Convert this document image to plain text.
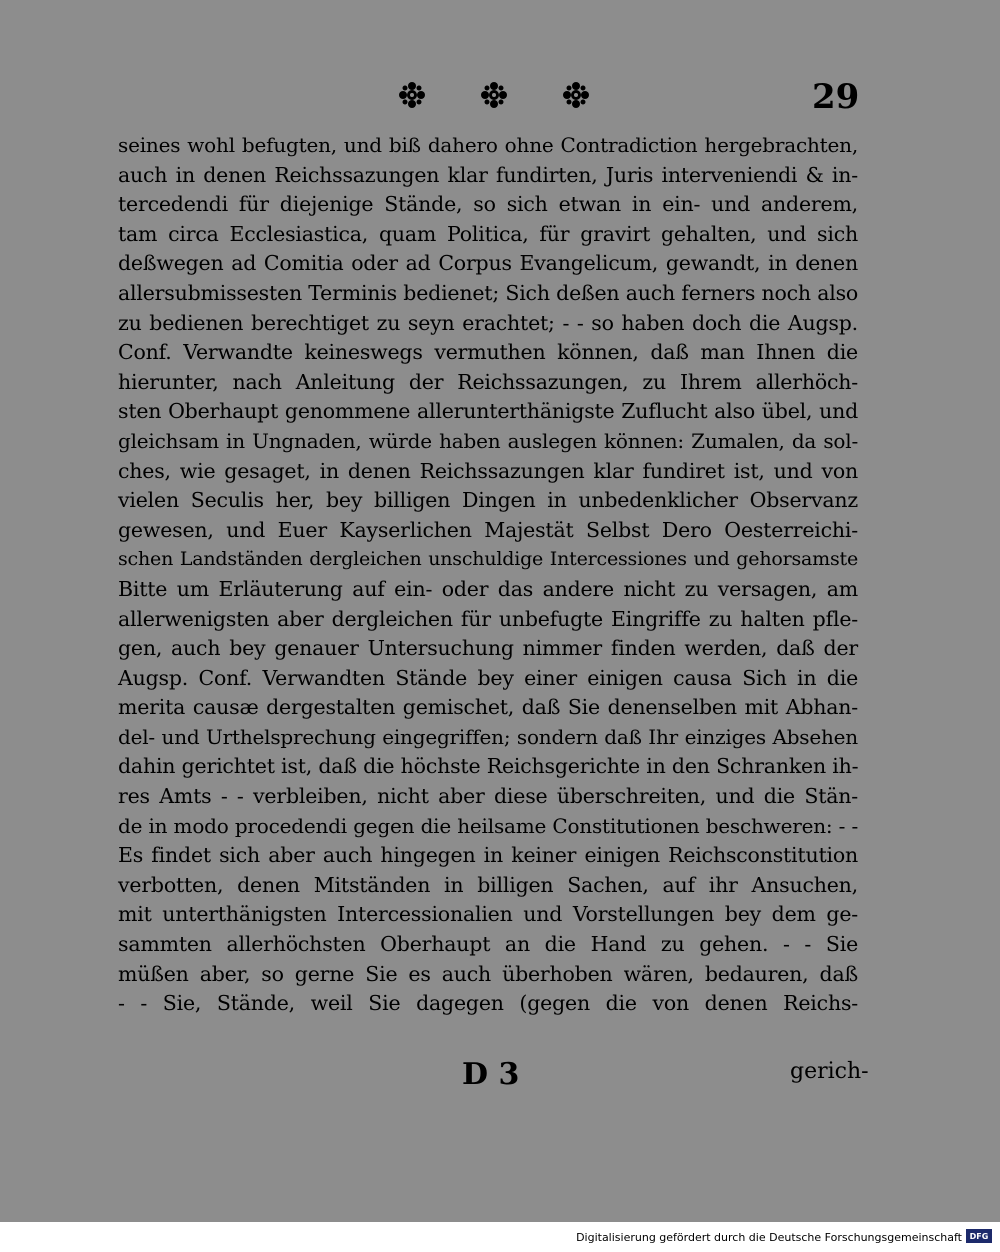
29
seines wohl befugten, und biß dahero ohne Contradiction hergebrachten,
auch in denen Reichssazungen klar fundirten, Juris interveniendi & in-
tercedendi für diejenige Stände, so sich etwan in ein- und anderem,
tam circa Ecclesiastica, quam Politica, für gravirt gehalten, und sich
deßwegen ad Comitia oder ad Corpus Evangelicum, gewandt, in denen
allersubmissesten Terminis bedienet; Sich deßen auch ferners noch also
zu bedienen berechtiget zu seyn erachtet; - - so haben doch die Augsp.
Conf. Verwandte keineswegs vermuthen können, daß man Ihnen die
hierunter, nach Anleitung der Reichssazungen, zu Ihrem allerhöch-
sten Oberhaupt genommene allerunterthänigste Zuflucht also übel, und
gleichsam in Ungnaden, würde haben auslegen können: Zumalen, da sol-
ches, wie gesaget, in denen Reichssazungen klar fundiret ist, und von
vielen Seculis her, bey billigen Dingen in unbedenklicher Observanz
gewesen, und Euer Kayserlichen Majestät Selbst Dero Oesterreichi-
schen Landständen dergleichen unschuldige Intercessiones und gehorsamste
Bitte um Erläuterung auf ein- oder das andere nicht zu versagen, am
allerwenigsten aber dergleichen für unbefugte Eingriffe zu halten pfle-
gen, auch bey genauer Untersuchung nimmer finden werden, daß der
Augsp. Conf. Verwandten Stände bey einer einigen causa Sich in die
merita causæ dergestalten gemischet, daß Sie denenselben mit Abhan-
del- und Urthelsprechung eingegriffen; sondern daß Ihr einziges Absehen
dahin gerichtet ist, daß die höchste Reichsgerichte in den Schranken ih-
res Amts - - verbleiben, nicht aber diese überschreiten, und die Stän-
de in modo procedendi gegen die heilsame Constitutionen beschweren: - -
Es findet sich aber auch hingegen in keiner einigen Reichsconstitution
verbotten, denen Mitständen in billigen Sachen, auf ihr Ansuchen,
mit unterthänigsten Intercessionalien und Vorstellungen bey dem ge-
sammten allerhöchsten Oberhaupt an die Hand zu gehen. - - Sie
müßen aber, so gerne Sie es auch überhoben wären, bedauren, daß
- - Sie, Stände, weil Sie dagegen (gegen die von denen Reichs-
D 3	gerich-
Digitalisierung gefördert durch die Deutsche Forschungsgemeinschaft DFG
